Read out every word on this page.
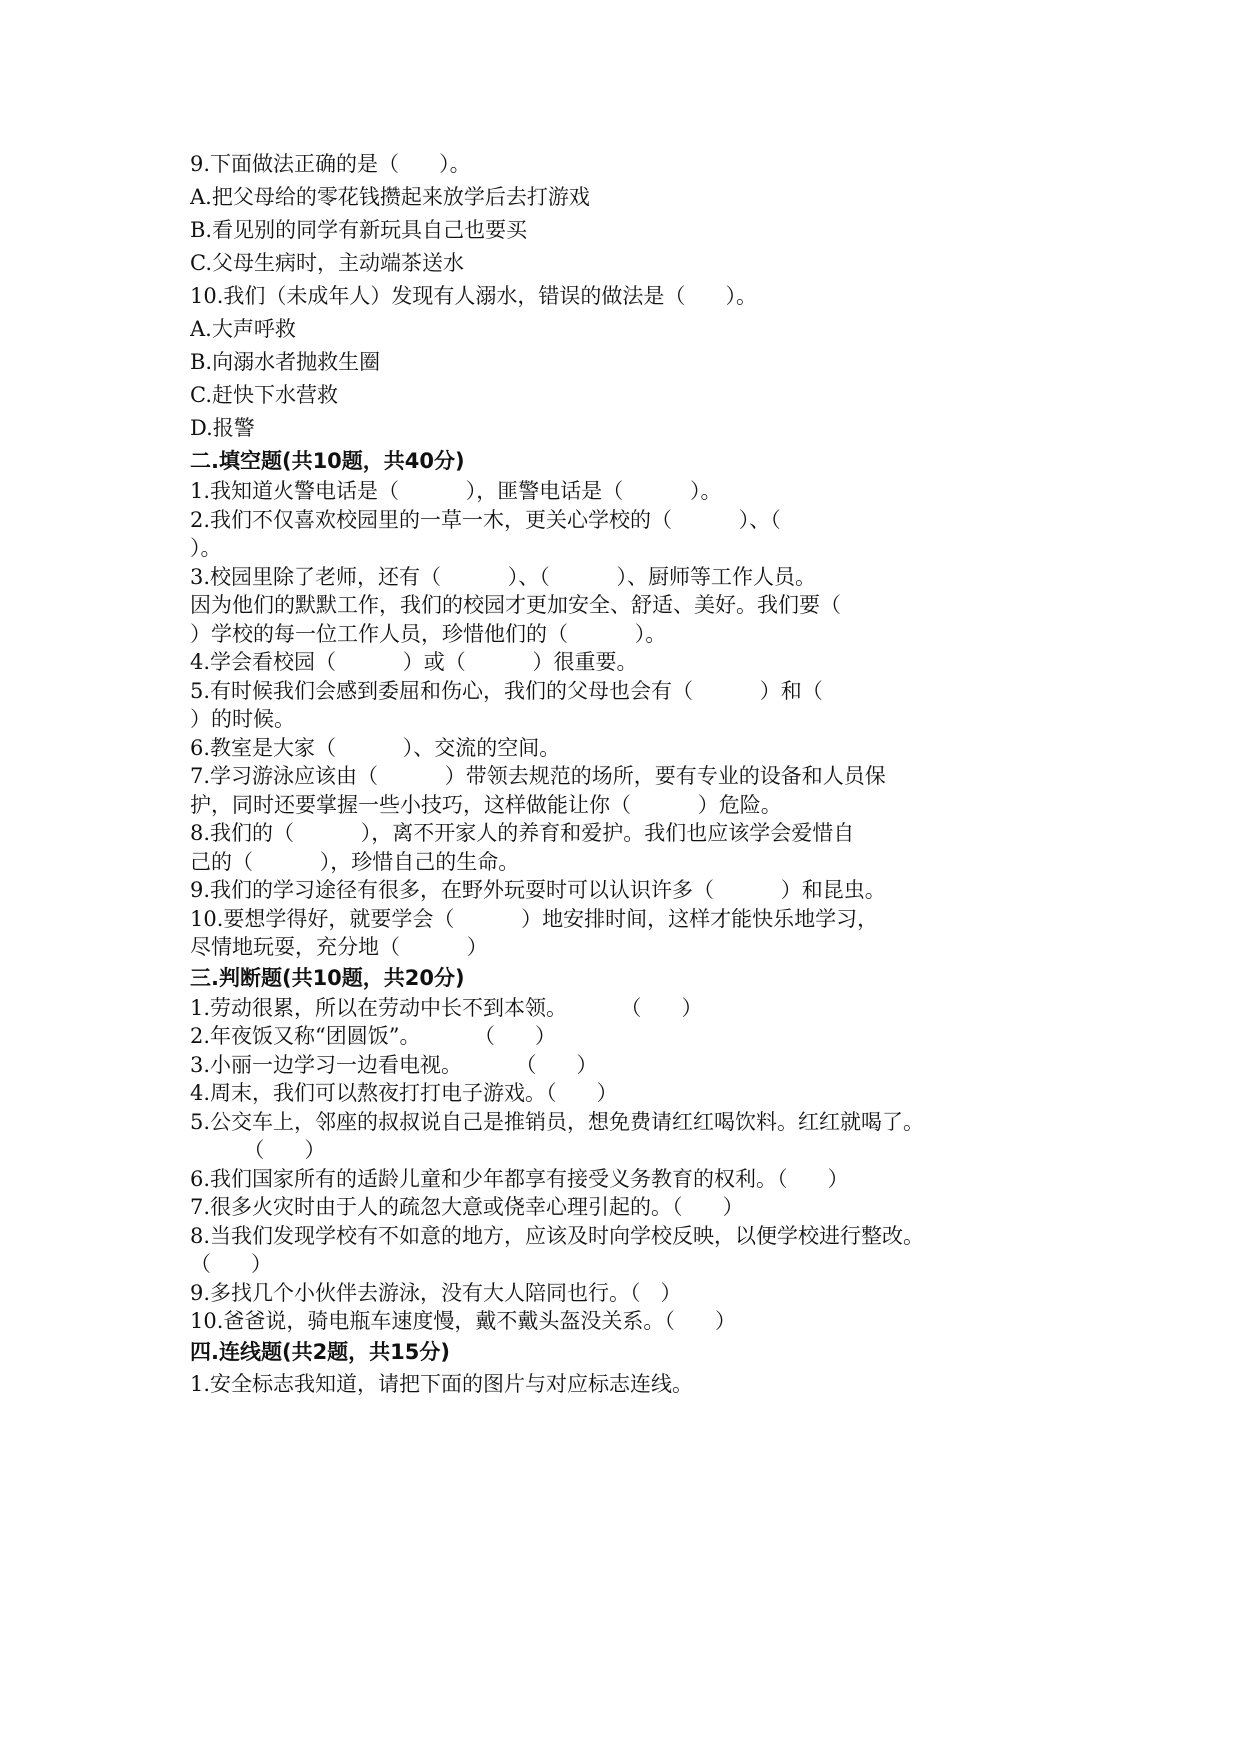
9.下面做法正确的是（      ）。
A.把父母给的零花钱攒起来放学后去打游戏
B.看见别的同学有新玩具自己也要买
C.父母生病时，主动端茶送水
10.我们（未成年人）发现有人溺水，错误的做法是（      ）。
A.大声呼救
B.向溺水者抛救生圈
C.赶快下水营救
D.报警
二.填空题(共10题，共40分)
1.我知道火警电话是（          ），匪警电话是（          ）。
2.我们不仅喜欢校园里的一草一木，更关心学校的（          ）、（
）。
3.校园里除了老师，还有（          ）、（          ）、厨师等工作人员。
因为他们的默默工作，我们的校园才更加安全、舒适、美好。我们要（
）学校的每一位工作人员，珍惜他们的（          ）。
4.学会看校园（          ）或（          ）很重要。
5.有时候我们会感到委屈和伤心，我们的父母也会有（          ）和（
）的时候。
6.教室是大家（          ）、交流的空间。
7.学习游泳应该由（          ）带领去规范的场所，要有专业的设备和人员保
护，同时还要掌握一些小技巧，这样做能让你（          ）危险。
8.我们的（          ），离不开家人的养育和爱护。我们也应该学会爱惜自
己的（          ），珍惜自己的生命。
9.我们的学习途径有很多，在野外玩耍时可以认识许多（          ）和昆虫。
10.要想学得好，就要学会（          ）地安排时间，这样才能快乐地学习，
尽情地玩耍，充分地（          ）
三.判断题(共10题，共20分)
1.劳动很累，所以在劳动中长不到本领。        （      ）
2.年夜饭又称“团圆饭”。        （      ）
3.小丽一边学习一边看电视。        （      ）
4.周末，我们可以熬夜打打电子游戏。（      ）
5.公交车上，邻座的叔叔说自己是推销员，想免费请红红喝饮料。红红就喝了。
（      ）
6.我们国家所有的适龄儿童和少年都享有接受义务教育的权利。（      ）
7.很多火灾时由于人的疏忽大意或侥幸心理引起的。（      ）
8.当我们发现学校有不如意的地方，应该及时向学校反映，以便学校进行整改。
（      ）
9.多找几个小伙伴去游泳，没有大人陪同也行。（   ）
10.爸爸说，骑电瓶车速度慢，戴不戴头盔没关系。（      ）
四.连线题(共2题，共15分)
1.安全标志我知道，请把下面的图片与对应标志连线。
